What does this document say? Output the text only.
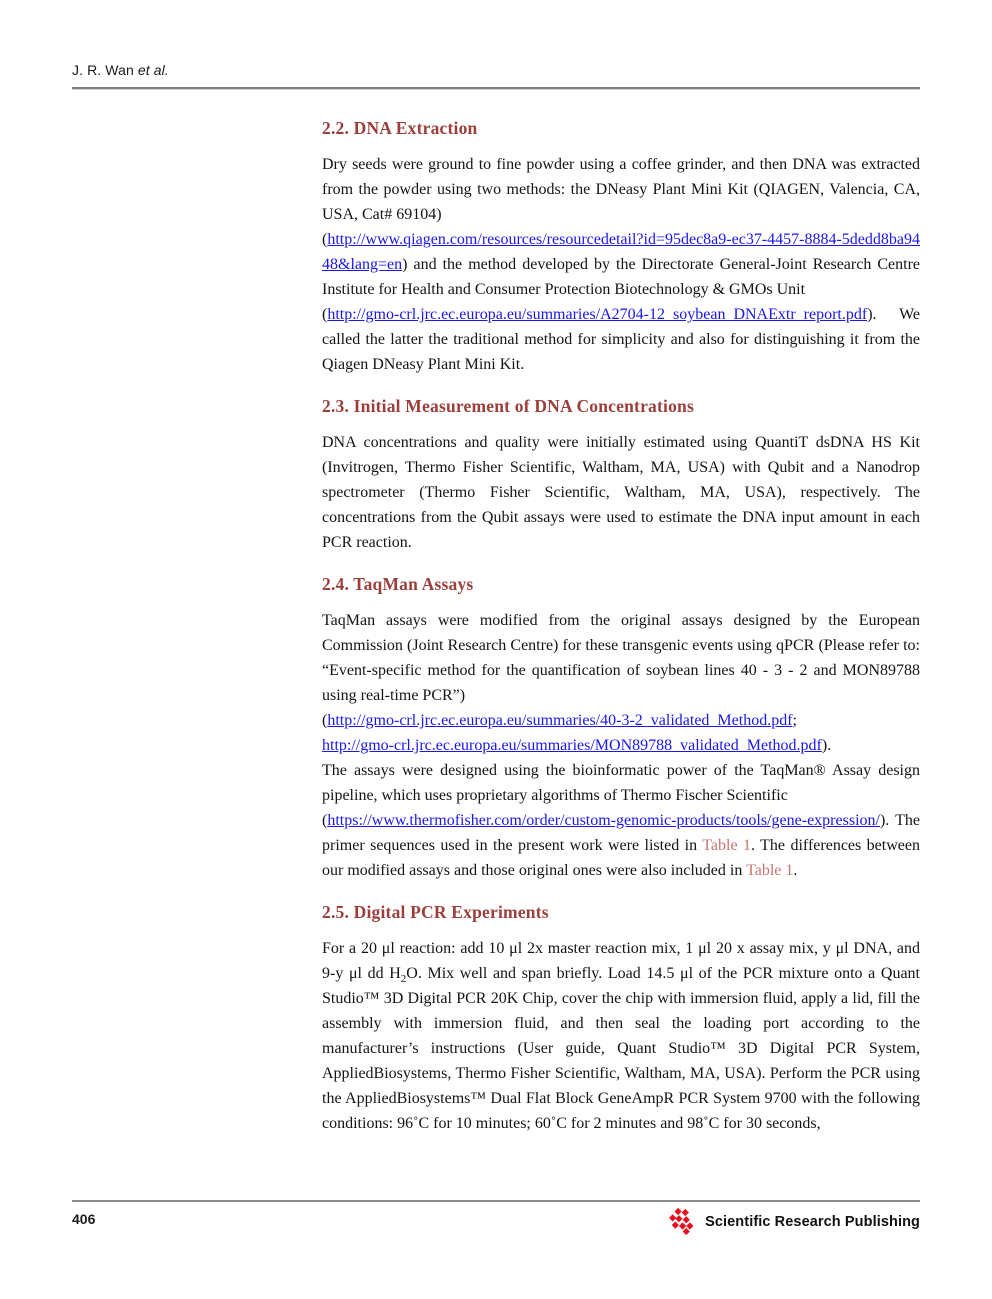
J. R. Wan et al.
2.2. DNA Extraction

Dry seeds were ground to fine powder using a coffee grinder, and then DNA was extracted from the powder using two methods: the DNeasy Plant Mini Kit (QIAGEN, Valencia, CA, USA, Cat# 69104)
(http://www.qiagen.com/resources/resourcedetail?id=95dec8a9-ec37-4457-8884-5dedd8ba9448&lang=en) and the method developed by the Directorate General-Joint Research Centre Institute for Health and Consumer Protection Biotechnology & GMOs Unit
(http://gmo-crl.jrc.ec.europa.eu/summaries/A2704-12_soybean_DNAExtr_report.pdf). We called the latter the traditional method for simplicity and also for distinguishing it from the Qiagen DNeasy Plant Mini Kit.

2.3. Initial Measurement of DNA Concentrations

DNA concentrations and quality were initially estimated using QuantiT dsDNA HS Kit (Invitrogen, Thermo Fisher Scientific, Waltham, MA, USA) with Qubit and a Nanodrop spectrometer (Thermo Fisher Scientific, Waltham, MA, USA), respectively. The concentrations from the Qubit assays were used to estimate the DNA input amount in each PCR reaction.

2.4. TaqMan Assays

TaqMan assays were modified from the original assays designed by the European Commission (Joint Research Centre) for these transgenic events using qPCR (Please refer to: “Event-specific method for the quantification of soybean lines 40 - 3 - 2 and MON89788 using real-time PCR”)
(http://gmo-crl.jrc.ec.europa.eu/summaries/40-3-2_validated_Method.pdf;
http://gmo-crl.jrc.ec.europa.eu/summaries/MON89788_validated_Method.pdf).
The assays were designed using the bioinformatic power of the TaqMan® Assay design pipeline, which uses proprietary algorithms of Thermo Fischer Scientific
(https://www.thermofisher.com/order/custom-genomic-products/tools/gene-expression/). The primer sequences used in the present work were listed in Table 1. The differences between our modified assays and those original ones were also included in Table 1.

2.5. Digital PCR Experiments

For a 20 μl reaction: add 10 μl 2x master reaction mix, 1 μl 20 x assay mix, y μl DNA, and 9-y μl dd $H_2O$. Mix well and span briefly. Load 14.5 μl of the PCR mixture onto a Quant Studio™ 3D Digital PCR 20K Chip, cover the chip with immersion fluid, apply a lid, fill the assembly with immersion fluid, and then seal the loading port according to the manufacturer’s instructions (User guide, Quant Studio™ 3D Digital PCR System, AppliedBiosystems, Thermo Fisher Scientific, Waltham, MA, USA). Perform the PCR using the AppliedBiosystems™ Dual Flat Block GeneAmpR PCR System 9700 with the following conditions: 96˚C for 10 minutes; 60˚C for 2 minutes and 98˚C for 30 seconds,

406	Scientific Research Publishing
